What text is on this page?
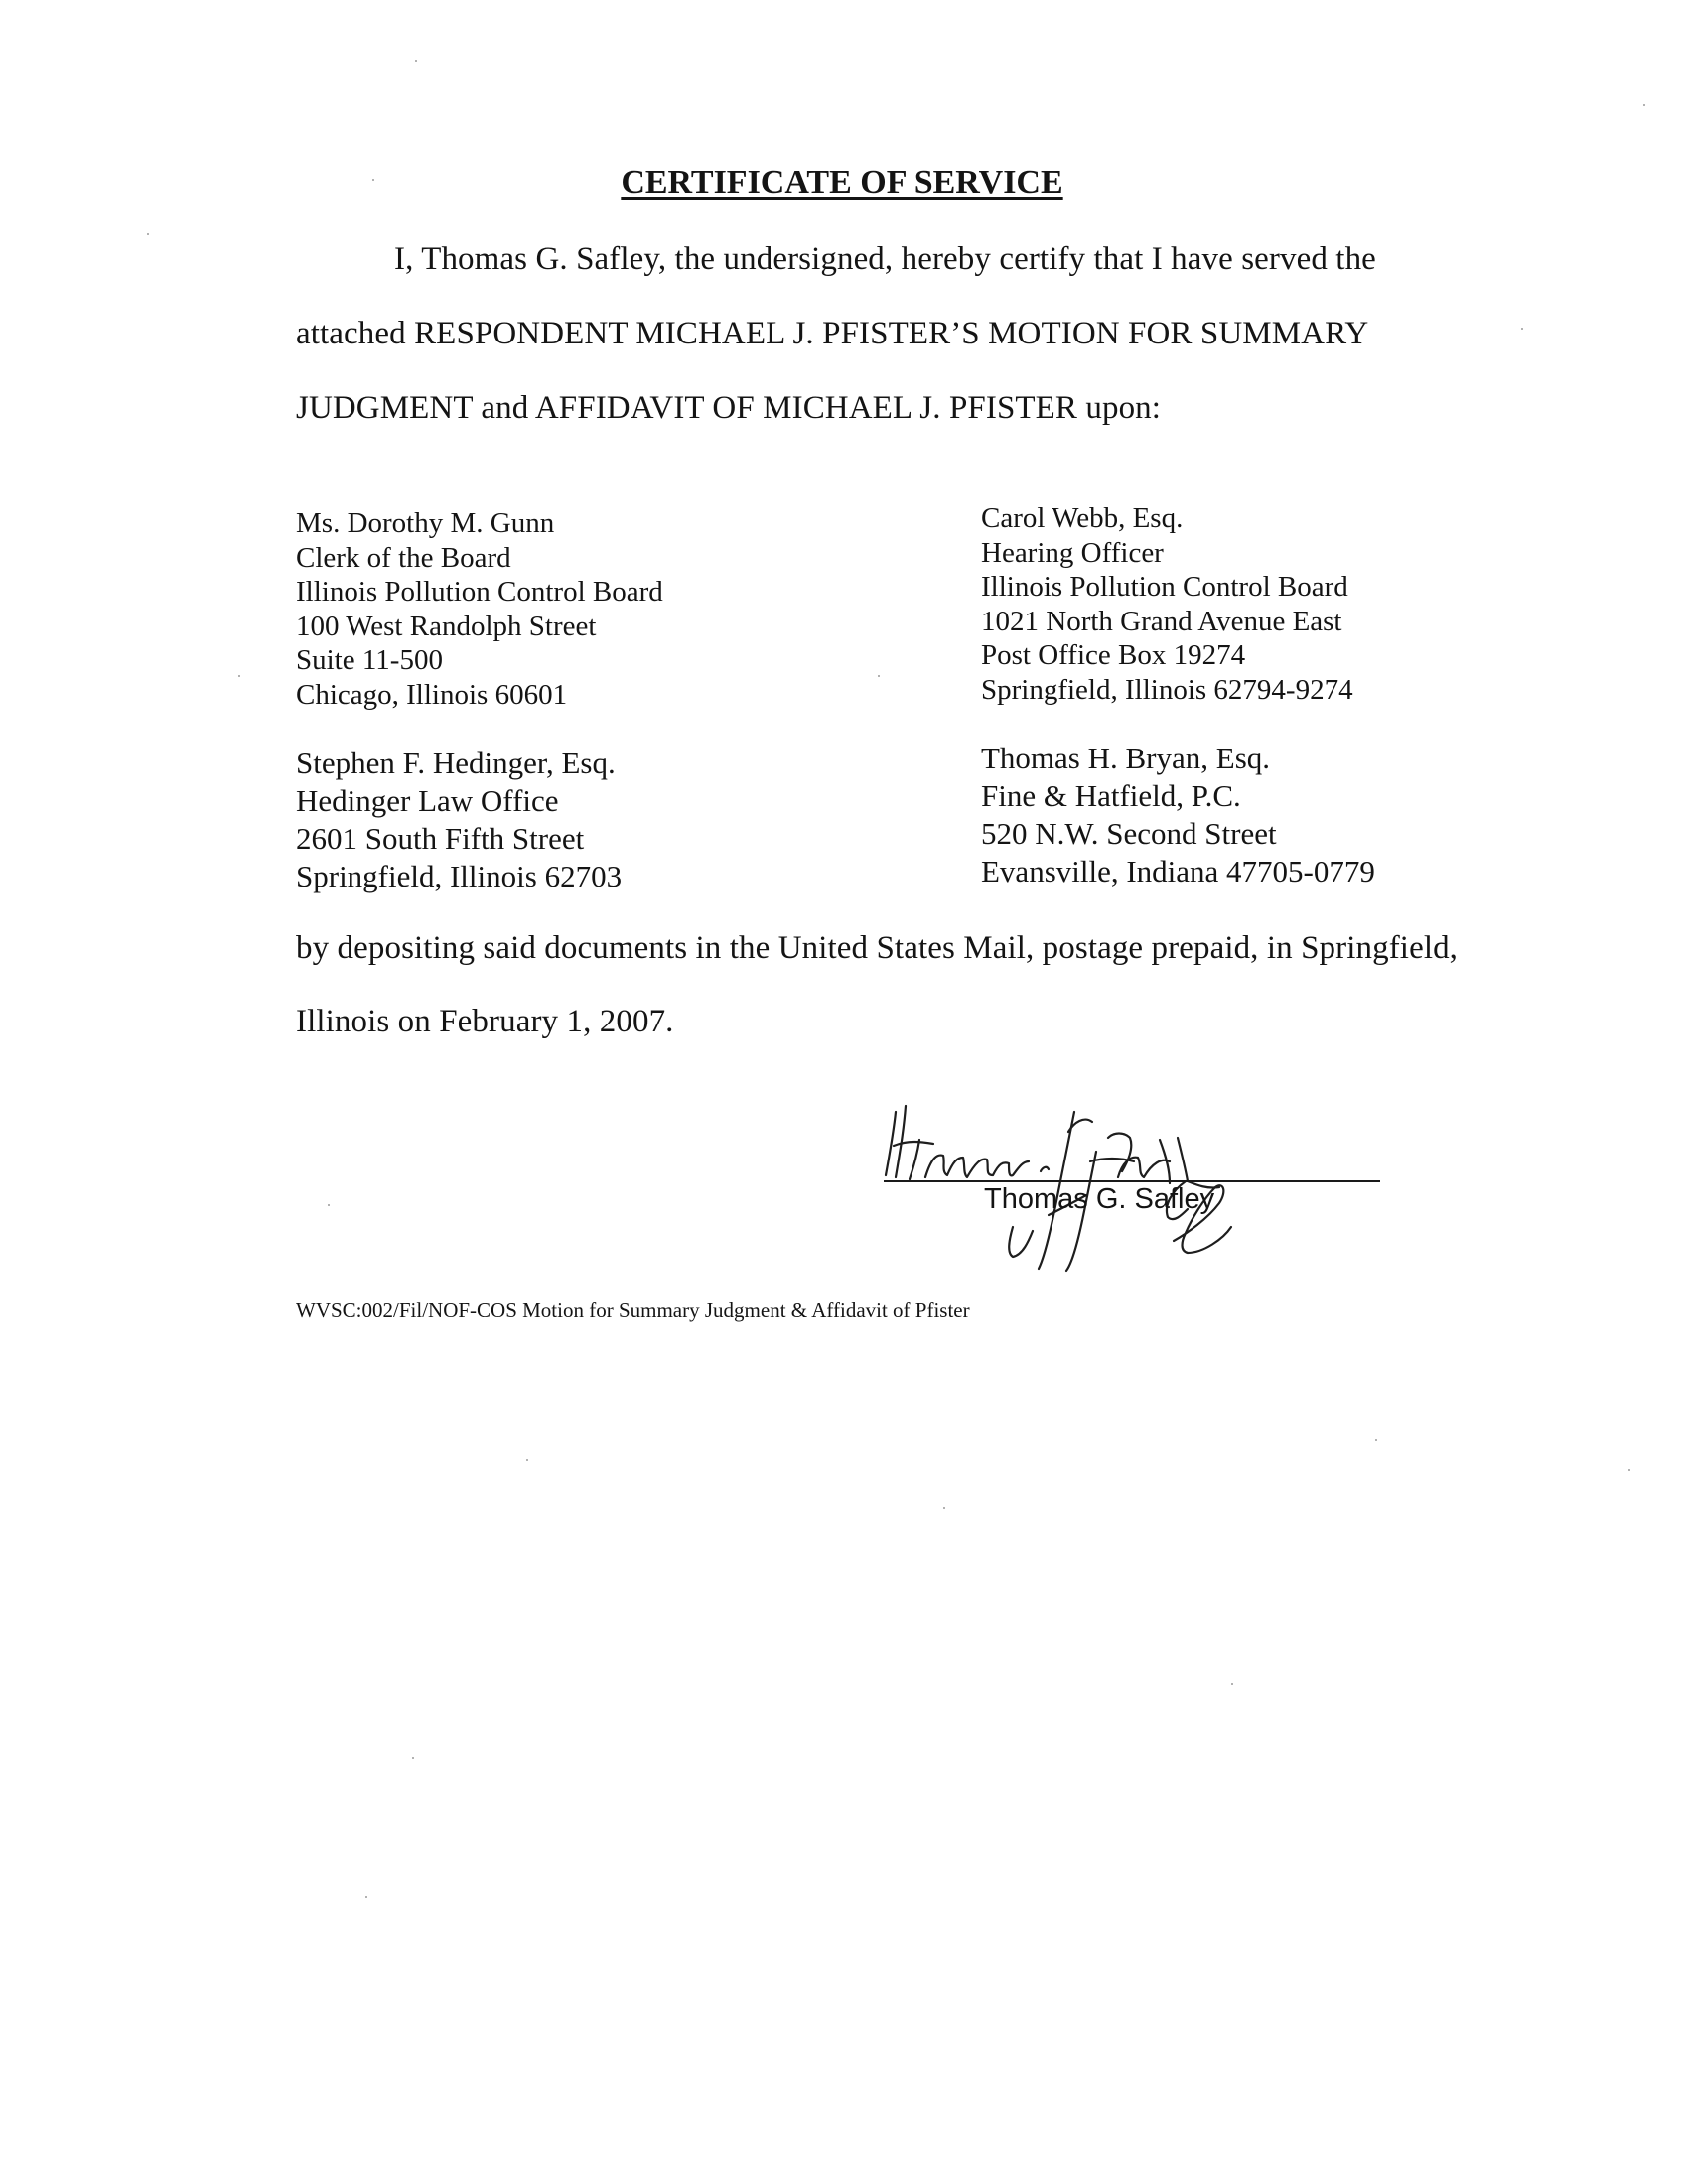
CERTIFICATE OF SERVICE
I, Thomas G. Safley, the undersigned, hereby certify that I have served the
attached RESPONDENT MICHAEL J. PFISTER’S MOTION FOR SUMMARY
JUDGMENT and AFFIDAVIT OF MICHAEL J. PFISTER upon:
Ms. Dorothy M. Gunn
Clerk of the Board
Illinois Pollution Control Board
100 West Randolph Street
Suite 11-500
Chicago, Illinois 60601
Carol Webb, Esq.
Hearing Officer
Illinois Pollution Control Board
1021 North Grand Avenue East
Post Office Box 19274
Springfield, Illinois 62794-9274
Stephen F. Hedinger, Esq.
Hedinger Law Office
2601 South Fifth Street
Springfield, Illinois 62703
Thomas H. Bryan, Esq.
Fine & Hatfield, P.C.
520 N.W. Second Street
Evansville, Indiana 47705-0779
by depositing said documents in the United States Mail, postage prepaid, in Springfield,
Illinois on February 1, 2007.
Thomas G. Safley
WVSC:002/Fil/NOF-COS Motion for Summary Judgment & Affidavit of Pfister
